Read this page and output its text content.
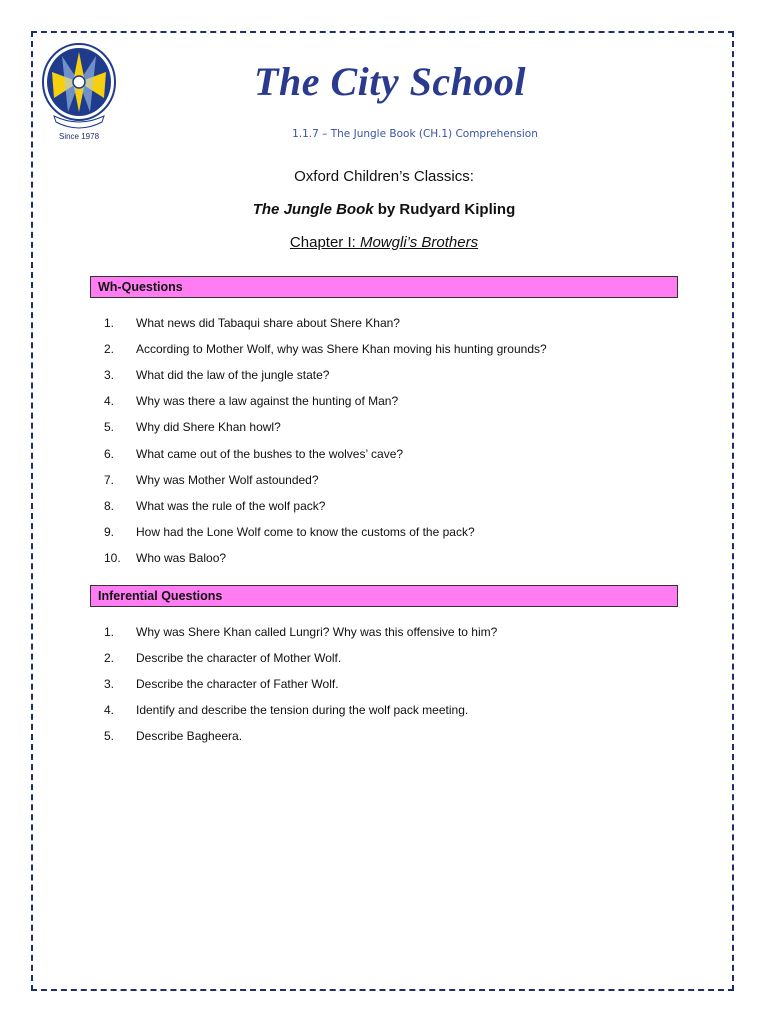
Since 1978
The City School
1.1.7 – The Jungle Book (CH.1) Comprehension
Oxford Children’s Classics:
The Jungle Book by Rudyard Kipling
Chapter I: Mowgli’s Brothers
Wh-Questions
1.	What news did Tabaqui share about Shere Khan?
2.	According to Mother Wolf, why was Shere Khan moving his hunting grounds?
3.	What did the law of the jungle state?
4.	Why was there a law against the hunting of Man?
5.	Why did Shere Khan howl?
6.	What came out of the bushes to the wolves’ cave?
7.	Why was Mother Wolf astounded?
8.	What was the rule of the wolf pack?
9.	How had the Lone Wolf come to know the customs of the pack?
10.	Who was Baloo?
Inferential Questions
1.	Why was Shere Khan called Lungri? Why was this offensive to him?
2.	Describe the character of Mother Wolf.
3.	Describe the character of Father Wolf.
4.	Identify and describe the tension during the wolf pack meeting.
5.	Describe Bagheera.
